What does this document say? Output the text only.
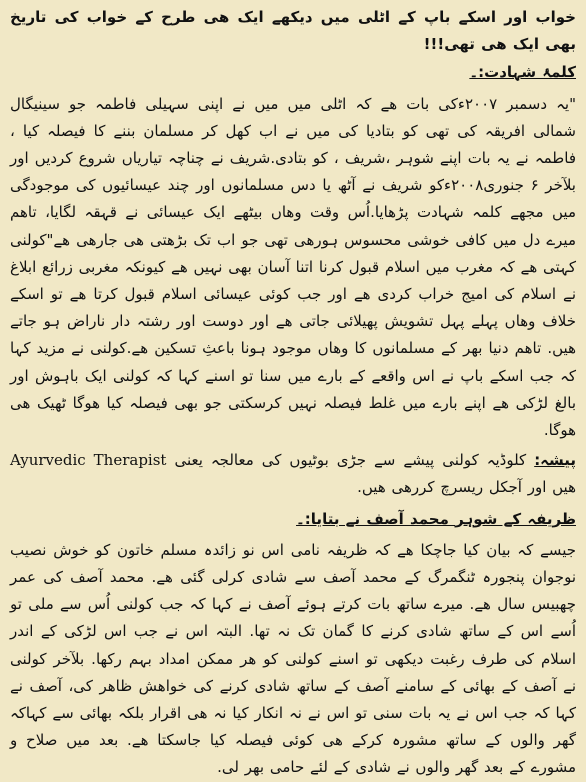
خواب اور اسکے باپ کے اٹلی میں دیکھے ایک ھی طرح کے خواب کی تاریخ بھی ایک ھی تھی!!!

کلمۂ شہادت:۔

"یہ دسمبر ۲۰۰۷ءکی بات ھے کہ اٹلی میں میں نے اپنی سہیلی فاطمہ جو سینیگال شمالی افریقہ کی تھی کو بتادیا کی میں نے اب کھل کر مسلمان بننے کا فیصلہ کیا ، فاطمہ نے یہ بات اپنے شوہر ،شریف ، کو بتادی.شریف نے چناچہ تیاریاں شروع کردیں اور بلآخر ۶ جنوری۲۰۰۸ءکو شریف نے آٹھ یا دس مسلمانوں اور چند عیسائیوں کی موجودگی میں مجھے کلمہ شہادت پڑھایا.اُس وقت وھاں بیٹھے ایک عیسائی نے قہقہ لگایا، تاھم میرے دل میں کافی خوشی محسوس ہورھی تھی جو اب تک بڑھتی ھی جارھی ھے"کولنی کہتی ھے کہ مغرب میں اسلام قبول کرنا اتنا آسان بھی نہیں ھے کیونکہ مغربی زرائع ابلاغ نے اسلام کی امیج خراب کردی ھے اور جب کوئی عیسائی اسلام قبول کرتا ھے تو اسکے خلاف وھاں پہلے پہل تشویش پھیلائی جاتی ھے اور دوست اور رشتہ دار ناراض ہو جاتے ھیں. تاھم دنیا بھر کے مسلمانوں کا وھاں موجود ہونا باعثِ تسکین ھے.کولنی نے مزید کہا کہ جب اسکے باپ نے اس واقعے کے بارے میں سنا تو اسنے کہا کہ کولنی ایک باہوش اور بالغ لڑکی ھے اپنے بارے میں غلط فیصلہ نہیں کرسکتی جو بھی فیصلہ کیا ھوگا ٹھیک ھی ھوگا.

پیشہ: کلوڈیہ کولنی پیشے سے جڑی بوٹیوں کی معالجہ یعنی Ayurvedic Therapist ھیں اور آجکل ریسرچ کررھی ھیں.

ظریفہ کے شوہر محمد آصف نے بتایا:۔

جیسے کہ بیان کیا جاچکا ھے کہ ظریفہ نامی اس نو زائدہ مسلم خاتون کو خوش نصیب نوجوان پنجورہ ٹنگمرگ کے محمد آصف سے شادی کرلی گئی ھے. محمد آصف کی عمر چھبیس سال ھے. میرے ساتھ بات کرتے ہوئے آصف نے کہا کہ جب کولنی اُس سے ملی تو اُسے اس کے ساتھ شادی کرنے کا گمان تک نہ تھا. البتہ اس نے جب اس لڑکی کے اندر اسلام کی طرف رغبت دیکھی تو اسنے کولنی کو ھر ممکن امداد بہم رکھا. بلآخر کولنی نے آصف کے بھائی کے سامنے آصف کے ساتھ شادی کرنے کی خواھش ظاھر کی، آصف نے کہا کہ جب اس نے یہ بات سنی تو اس نے نہ انکار کیا نہ ھی اقرار بلکہ بھائی سے کہاکہ گھر والوں کے ساتھ مشورہ کرکے ھی کوئی فیصلہ کیا جاسکتا ھے. بعد میں صلاح و مشورے کے بعد گھر والوں نے شادی کے لئے حامی بھر لی.
